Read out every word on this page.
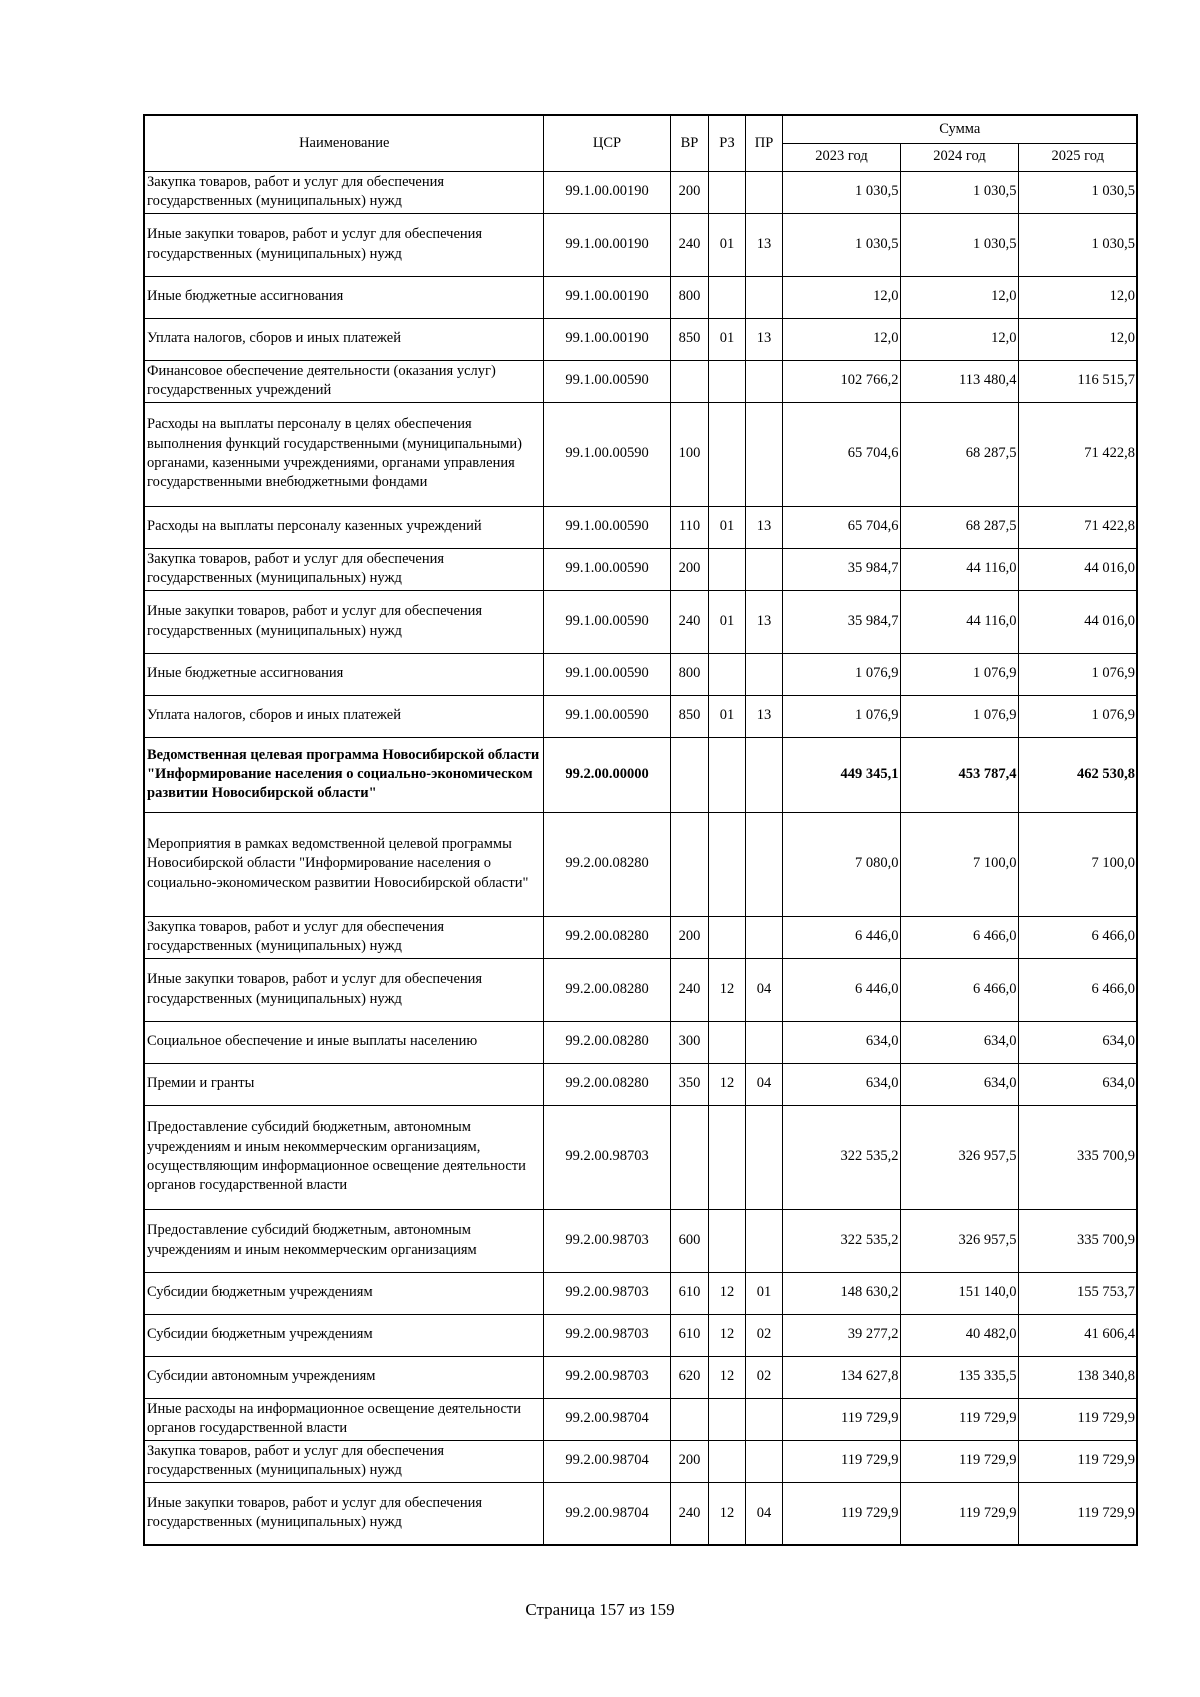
Наименование	ЦСР	ВР	РЗ	ПР	Сумма		
					2023 год	2024 год	2025 год
Закупка товаров, работ и услуг для обеспечения государственных (муниципальных) нужд	99.1.00.00190	200			1 030,5	1 030,5	1 030,5
Иные закупки товаров, работ и услуг для обеспечения государственных (муниципальных) нужд	99.1.00.00190	240	01	13	1 030,5	1 030,5	1 030,5
Иные бюджетные ассигнования	99.1.00.00190	800			12,0	12,0	12,0
Уплата налогов, сборов и иных платежей	99.1.00.00190	850	01	13	12,0	12,0	12,0
Финансовое обеспечение деятельности (оказания услуг) государственных учреждений	99.1.00.00590				102 766,2	113 480,4	116 515,7
Расходы на выплаты персоналу в целях обеспечения выполнения функций государственными (муниципальными) органами, казенными учреждениями, органами управления государственными внебюджетными фондами	99.1.00.00590	100			65 704,6	68 287,5	71 422,8
Расходы на выплаты персоналу казенных учреждений	99.1.00.00590	110	01	13	65 704,6	68 287,5	71 422,8
Закупка товаров, работ и услуг для обеспечения государственных (муниципальных) нужд	99.1.00.00590	200			35 984,7	44 116,0	44 016,0
Иные закупки товаров, работ и услуг для обеспечения государственных (муниципальных) нужд	99.1.00.00590	240	01	13	35 984,7	44 116,0	44 016,0
Иные бюджетные ассигнования	99.1.00.00590	800			1 076,9	1 076,9	1 076,9
Уплата налогов, сборов и иных платежей	99.1.00.00590	850	01	13	1 076,9	1 076,9	1 076,9
Ведомственная целевая программа Новосибирской области "Информирование населения о социально-экономическом развитии Новосибирской области"	99.2.00.00000				449 345,1	453 787,4	462 530,8
Мероприятия в рамках ведомственной целевой программы Новосибирской области "Информирование населения о социально-экономическом развитии Новосибирской области"	99.2.00.08280				7 080,0	7 100,0	7 100,0
Закупка товаров, работ и услуг для обеспечения государственных (муниципальных) нужд	99.2.00.08280	200			6 446,0	6 466,0	6 466,0
Иные закупки товаров, работ и услуг для обеспечения государственных (муниципальных) нужд	99.2.00.08280	240	12	04	6 446,0	6 466,0	6 466,0
Социальное обеспечение и иные выплаты населению	99.2.00.08280	300			634,0	634,0	634,0
Премии и гранты	99.2.00.08280	350	12	04	634,0	634,0	634,0
Предоставление субсидий бюджетным, автономным учреждениям и иным некоммерческим организациям, осуществляющим информационное освещение деятельности органов государственной власти	99.2.00.98703				322 535,2	326 957,5	335 700,9
Предоставление субсидий бюджетным, автономным учреждениям и иным некоммерческим организациям	99.2.00.98703	600			322 535,2	326 957,5	335 700,9
Субсидии бюджетным учреждениям	99.2.00.98703	610	12	01	148 630,2	151 140,0	155 753,7
Субсидии бюджетным учреждениям	99.2.00.98703	610	12	02	39 277,2	40 482,0	41 606,4
Субсидии автономным учреждениям	99.2.00.98703	620	12	02	134 627,8	135 335,5	138 340,8
Иные расходы на информационное освещение деятельности органов государственной власти	99.2.00.98704				119 729,9	119 729,9	119 729,9
Закупка товаров, работ и услуг для обеспечения государственных (муниципальных) нужд	99.2.00.98704	200			119 729,9	119 729,9	119 729,9
Иные закупки товаров, работ и услуг для обеспечения государственных (муниципальных) нужд	99.2.00.98704	240	12	04	119 729,9	119 729,9	119 729,9
Страница 157 из 159
